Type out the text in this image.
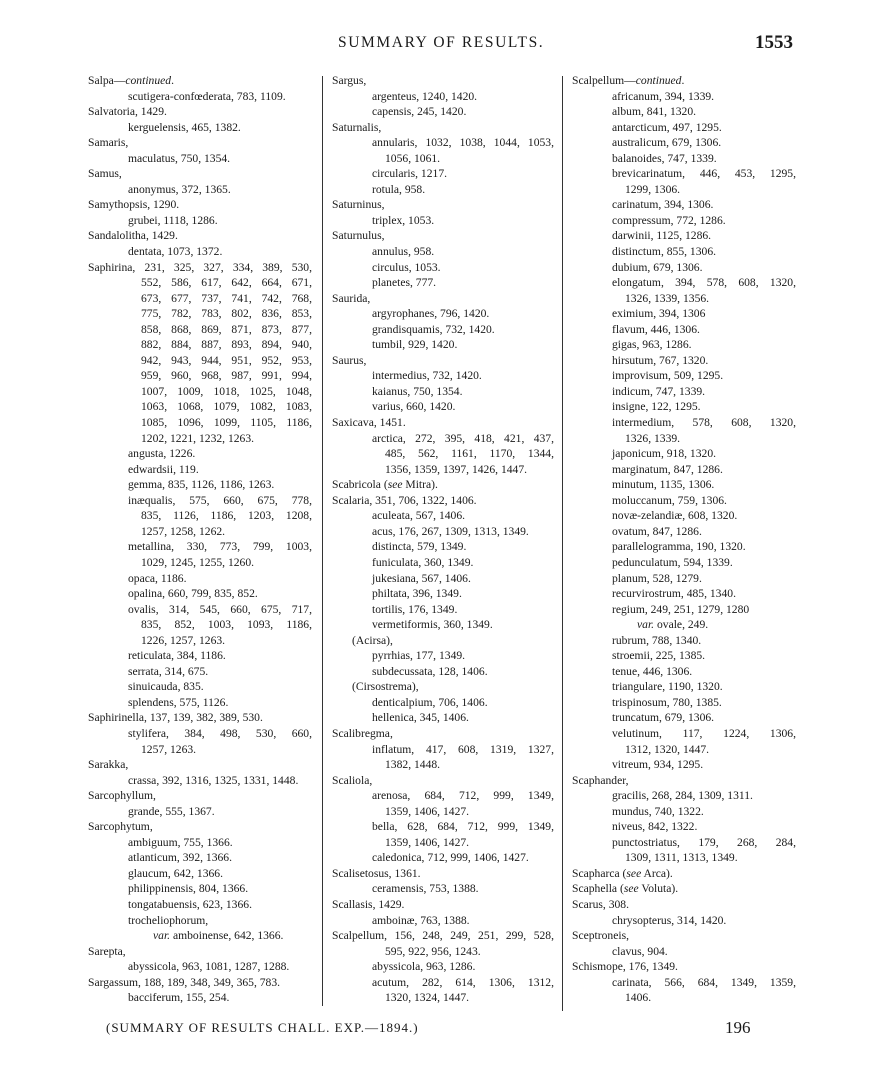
SUMMARY OF RESULTS.	1553
Salpa—continued.
scutigera-confœderata, 783, 1109.
Salvatoria, 1429.
kerguelensis, 465, 1382.
Samaris,
maculatus, 750, 1354.
Samus,
anonymus, 372, 1365.
Samythopsis, 1290.
grubei, 1118, 1286.
Sandalolitha, 1429.
dentata, 1073, 1372.
Saphirina, 231, 325, 327, 334, 389, 530,
552, 586, 617, 642, 664, 671,
673, 677, 737, 741, 742, 768,
775, 782, 783, 802, 836, 853,
858, 868, 869, 871, 873, 877,
882, 884, 887, 893, 894, 940,
942, 943, 944, 951, 952, 953,
959, 960, 968, 987, 991, 994,
1007, 1009, 1018, 1025, 1048,
1063, 1068, 1079, 1082, 1083,
1085, 1096, 1099, 1105, 1186,
1202, 1221, 1232, 1263.
angusta, 1226.
edwardsii, 119.
gemma, 835, 1126, 1186, 1263.
inæqualis, 575, 660, 675, 778,
835, 1126, 1186, 1203, 1208,
1257, 1258, 1262.
metallina, 330, 773, 799, 1003,
1029, 1245, 1255, 1260.
opaca, 1186.
opalina, 660, 799, 835, 852.
ovalis, 314, 545, 660, 675, 717,
835, 852, 1003, 1093, 1186,
1226, 1257, 1263.
reticulata, 384, 1186.
serrata, 314, 675.
sinuicauda, 835.
splendens, 575, 1126.
Saphirinella, 137, 139, 382, 389, 530.
stylifera, 384, 498, 530, 660,
1257, 1263.
Sarakka,
crassa, 392, 1316, 1325, 1331, 1448.
Sarcophyllum,
grande, 555, 1367.
Sarcophytum,
ambiguum, 755, 1366.
atlanticum, 392, 1366.
glaucum, 642, 1366.
philippinensis, 804, 1366.
tongatabuensis, 623, 1366.
trocheliophorum,
var. amboinense, 642, 1366.
Sarepta,
abyssicola, 963, 1081, 1287, 1288.
Sargassum, 188, 189, 348, 349, 365, 783.
bacciferum, 155, 254.
Sargus,
argenteus, 1240, 1420.
capensis, 245, 1420.
Saturnalis,
annularis, 1032, 1038, 1044, 1053,
1056, 1061.
circularis, 1217.
rotula, 958.
Saturninus,
triplex, 1053.
Saturnulus,
annulus, 958.
circulus, 1053.
planetes, 777.
Saurida,
argyrophanes, 796, 1420.
grandisquamis, 732, 1420.
tumbil, 929, 1420.
Saurus,
intermedius, 732, 1420.
kaianus, 750, 1354.
varius, 660, 1420.
Saxicava, 1451.
arctica, 272, 395, 418, 421, 437,
485, 562, 1161, 1170, 1344,
1356, 1359, 1397, 1426, 1447.
Scabricola (see Mitra).
Scalaria, 351, 706, 1322, 1406.
aculeata, 567, 1406.
acus, 176, 267, 1309, 1313, 1349.
distincta, 579, 1349.
funiculata, 360, 1349.
jukesiana, 567, 1406.
philtata, 396, 1349.
tortilis, 176, 1349.
vermetiformis, 360, 1349.
(Acirsa),
pyrrhias, 177, 1349.
subdecussata, 128, 1406.
(Cirsostrema),
denticalpium, 706, 1406.
hellenica, 345, 1406.
Scalibregma,
inflatum, 417, 608, 1319, 1327,
1382, 1448.
Scaliola,
arenosa, 684, 712, 999, 1349,
1359, 1406, 1427.
bella, 628, 684, 712, 999, 1349,
1359, 1406, 1427.
caledonica, 712, 999, 1406, 1427.
Scalisetosus, 1361.
ceramensis, 753, 1388.
Scallasis, 1429.
amboinæ, 763, 1388.
Scalpellum, 156, 248, 249, 251, 299, 528,
595, 922, 956, 1243.
abyssicola, 963, 1286.
acutum, 282, 614, 1306, 1312,
1320, 1324, 1447.
Scalpellum—continued.
africanum, 394, 1339.
album, 841, 1320.
antarcticum, 497, 1295.
australicum, 679, 1306.
balanoides, 747, 1339.
brevicarinatum, 446, 453, 1295,
1299, 1306.
carinatum, 394, 1306.
compressum, 772, 1286.
darwinii, 1125, 1286.
distinctum, 855, 1306.
dubium, 679, 1306.
elongatum, 394, 578, 608, 1320,
1326, 1339, 1356.
eximium, 394, 1306
flavum, 446, 1306.
gigas, 963, 1286.
hirsutum, 767, 1320.
improvisum, 509, 1295.
indicum, 747, 1339.
insigne, 122, 1295.
intermedium, 578, 608, 1320,
1326, 1339.
japonicum, 918, 1320.
marginatum, 847, 1286.
minutum, 1135, 1306.
moluccanum, 759, 1306.
novæ-zelandiæ, 608, 1320.
ovatum, 847, 1286.
parallelogramma, 190, 1320.
pedunculatum, 594, 1339.
planum, 528, 1279.
recurvirostrum, 485, 1340.
regium, 249, 251, 1279, 1280
var. ovale, 249.
rubrum, 788, 1340.
stroemii, 225, 1385.
tenue, 446, 1306.
triangulare, 1190, 1320.
trispinosum, 780, 1385.
truncatum, 679, 1306.
velutinum, 117, 1224, 1306,
1312, 1320, 1447.
vitreum, 934, 1295.
Scaphander,
gracilis, 268, 284, 1309, 1311.
mundus, 740, 1322.
niveus, 842, 1322.
punctostriatus, 179, 268, 284,
1309, 1311, 1313, 1349.
Scapharca (see Arca).
Scaphella (see Voluta).
Scarus, 308.
chrysopterus, 314, 1420.
Sceptroneis,
clavus, 904.
Schismope, 176, 1349.
carinata, 566, 684, 1349, 1359,
1406.
(SUMMARY OF RESULTS CHALL. EXP.—1894.)	196
